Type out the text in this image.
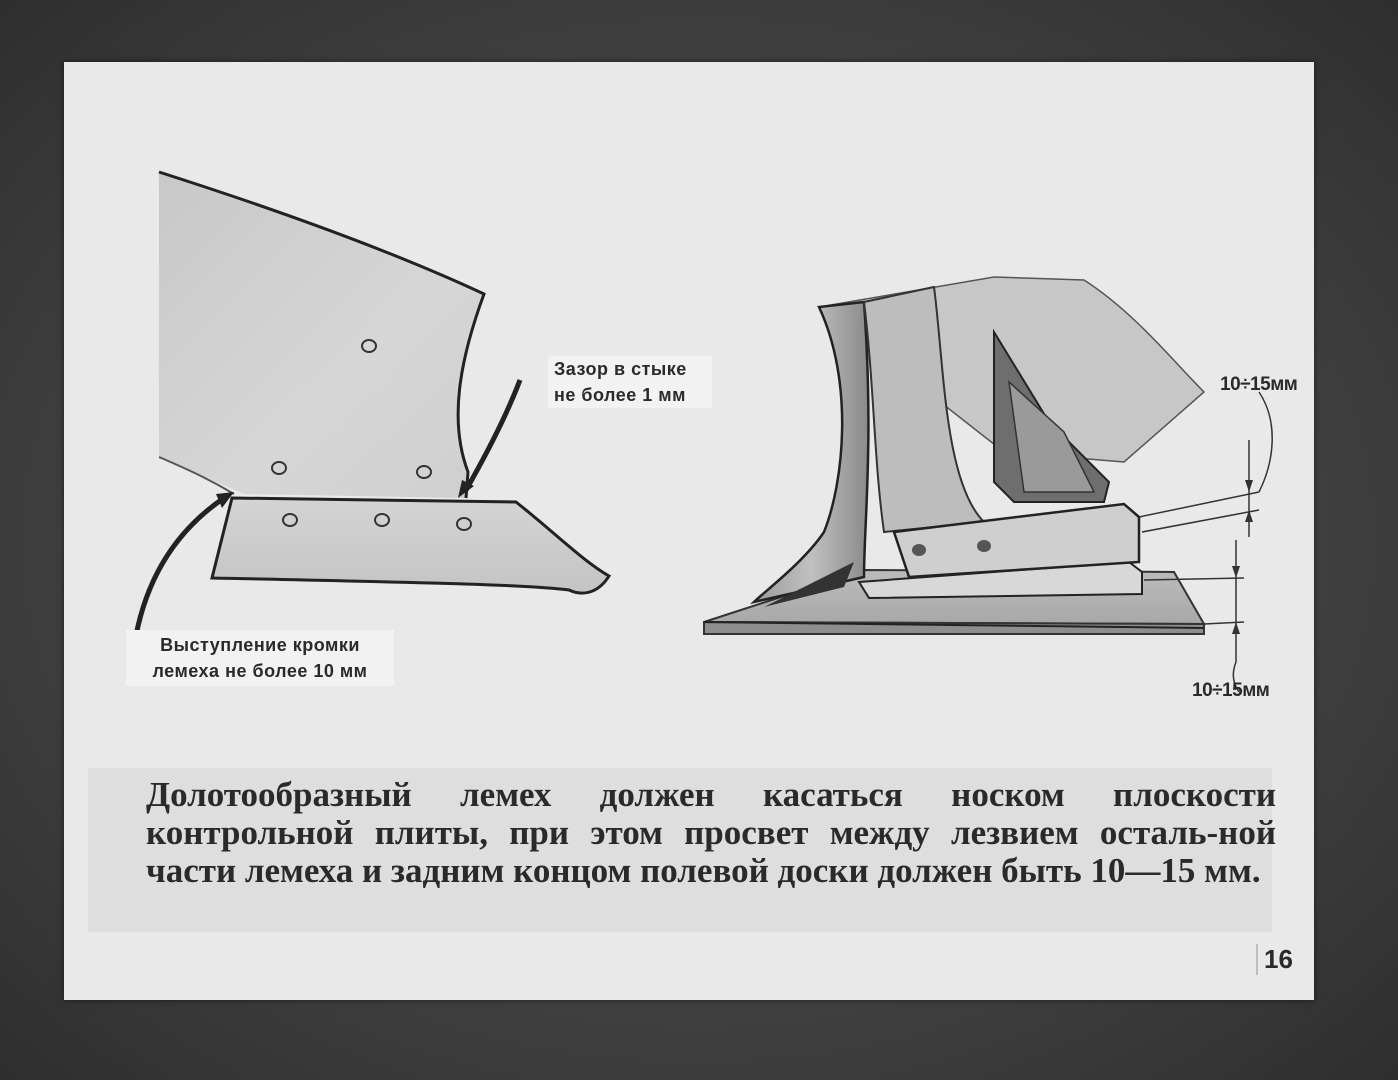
Зазор в стыке не более 1 мм
Выступление кромки лемеха не более 10 мм
10÷15мм
10÷15мм
Долотообразный лемех должен касаться носком плоскости контрольной плиты, при этом просвет между лезвием осталь-ной части лемеха и задним концом полевой доски должен быть 10—15 мм.
16
